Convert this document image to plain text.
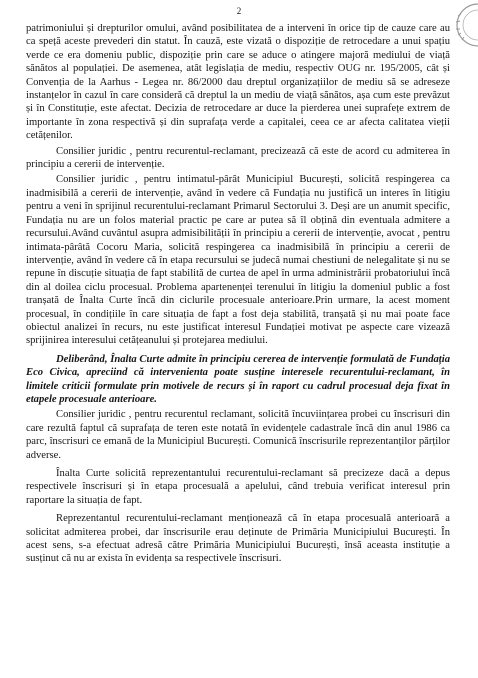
2

patrimoniului și drepturilor omului, având posibilitatea de a interveni în orice tip de cauze care au ca speță aceste prevederi din statut. În cauză, este vizată o dispoziție de retrocedare a unui spațiu verde ce era domeniu public, dispoziție prin care se aduce o atingere majoră mediului de viață sănătos al populației. De asemenea, atât legislația de mediu, respectiv OUG nr. 195/2005, cât și Convenția de la Aarhus - Legea nr. 86/2000 dau dreptul organizațiilor de mediu să se adreseze instanțelor în cazul în care consideră că dreptul la un mediu de viață sănătos, așa cum este prevăzut și în Constituție, este afectat. Decizia de retrocedare ar duce la pierderea unei suprafețe extrem de importante în zona respectivă și din suprafața verde a capitalei, ceea ce ar afecta calitatea vieții cetățenilor.

Consilier juridic , pentru recurentul-reclamant, precizează că este de acord cu admiterea în principiu a cererii de intervenție.

Consilier juridic , pentru intimatul-pârât Municipiul București, solicită respingerea ca inadmisibilă a cererii de intervenție, având în vedere că Fundația nu justifică un interes în litigiu pentru a veni în sprijinul recurentului-reclamant Primarul Sectorului 3. Deși are un anumit specific, Fundația nu are un folos material practic pe care ar putea să îl obțină din eventuala admitere a recursului.Având cuvântul asupra admisibilității în principiu a cererii de intervenție, avocat , pentru intimata-pârâtă Cocoru Maria, solicită respingerea ca inadmisibilă în principiu a cererii de intervenție, având în vedere că în etapa recursului se judecă numai chestiuni de nelegalitate și nu se repune în discuție situația de fapt stabilită de curtea de apel în urma administrării probatoriului încă din al doilea ciclu procesual. Problema apartenenței terenului în litigiu la domeniul public a fost tranșată de Înalta Curte încă din ciclurile procesuale anterioare.Prin urmare, la acest moment procesual, în condițiile în care situația de fapt a fost deja stabilită, tranșată și nu mai poate face obiectul analizei în recurs, nu este justificat interesul Fundației motivat pe aspecte care vizează sprijinirea interesului cetățeanului și protejarea mediului.

Deliberând, Înalta Curte admite în principiu cererea de intervenție formulată de Fundația Eco Civica, apreciind că intervenienta poate susține interesele recurentului-reclamant, în limitele criticii formulate prin motivele de recurs și în raport cu cadrul procesual deja fixat în etapele procesuale anterioare.

Consilier juridic , pentru recurentul reclamant, solicită încuviințarea probei cu înscrisuri din care rezultă faptul că suprafața de teren este notată în evidențele cadastrale încă din anul 1986 ca parc, înscrisuri ce emană de la Municipiul București. Comunică înscrisurile reprezentanților părților adverse.

Înalta Curte solicită reprezentantului recurentului-reclamant să precizeze dacă a depus respectivele înscrisuri și în etapa procesuală a apelului, când trebuia verificat interesul prin raportare la situația de fapt.

Reprezentantul recurentului-reclamant menționează că în etapa procesuală anterioară a solicitat admiterea probei, dar înscrisurile erau deținute de Primăria Municipiului București. În acest sens, s-a efectuat adresă către Primăria Municipiului București, însă aceasta instituție a susținut că nu ar exista în evidența sa respectivele înscrisuri.
